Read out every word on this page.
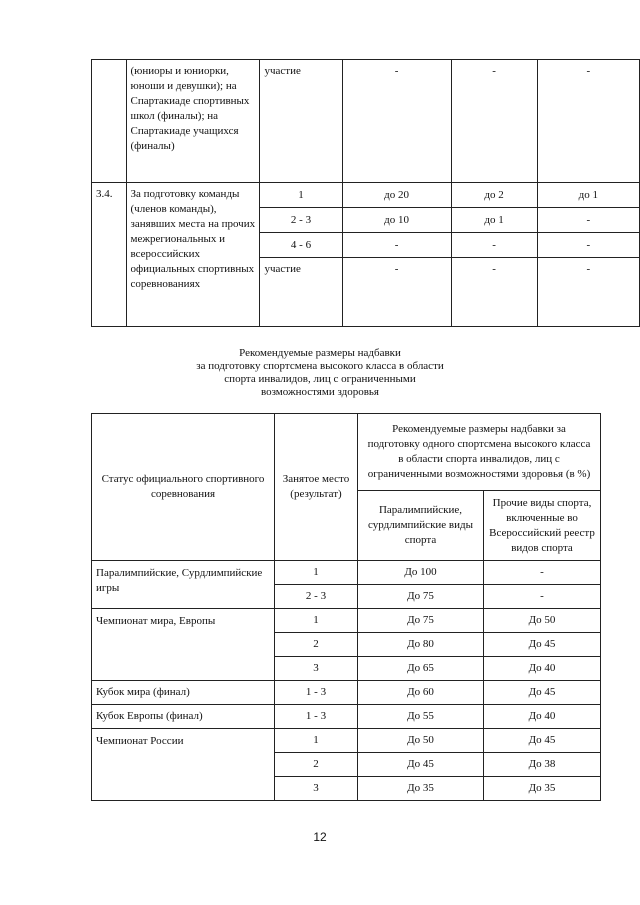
	(юниоры и юниорки, юноши и девушки); на Спартакиаде спортивных школ (финалы); на Спартакиаде учащихся (финалы)	участие	-	-	-
3.4.	За подготовку команды (членов команды), занявших места на прочих межрегиональных и всероссийских официальных спортивных соревнованиях	1	до 20	до 2	до 1
		2 - 3	до 10	до 1	-
		4 - 6	-	-	-
		участие	-	-	-
Рекомендуемые размеры надбавки
за подготовку спортсмена высокого класса в области
спорта инвалидов, лиц с ограниченными
возможностями здоровья
Статус официального спортивного соревнования	Занятое место (результат)	Рекомендуемые размеры надбавки за подготовку одного спортсмена высокого класса в области спорта инвалидов, лиц с ограниченными возможностями здоровья (в %)	
		Паралимпийские, сурдлимпийские виды спорта	Прочие виды спорта, включенные во Всероссийский реестр видов спорта
Паралимпийские, Сурдлимпийские игры	1	До 100	-
	2 - 3	До 75	-
Чемпионат мира, Европы	1	До 75	До 50
	2	До 80	До 45
	3	До 65	До 40
Кубок мира (финал)	1 - 3	До 60	До 45
Кубок Европы (финал)	1 - 3	До 55	До 40
Чемпионат России	1	До 50	До 45
	2	До 45	До 38
	3	До 35	До 35
12
